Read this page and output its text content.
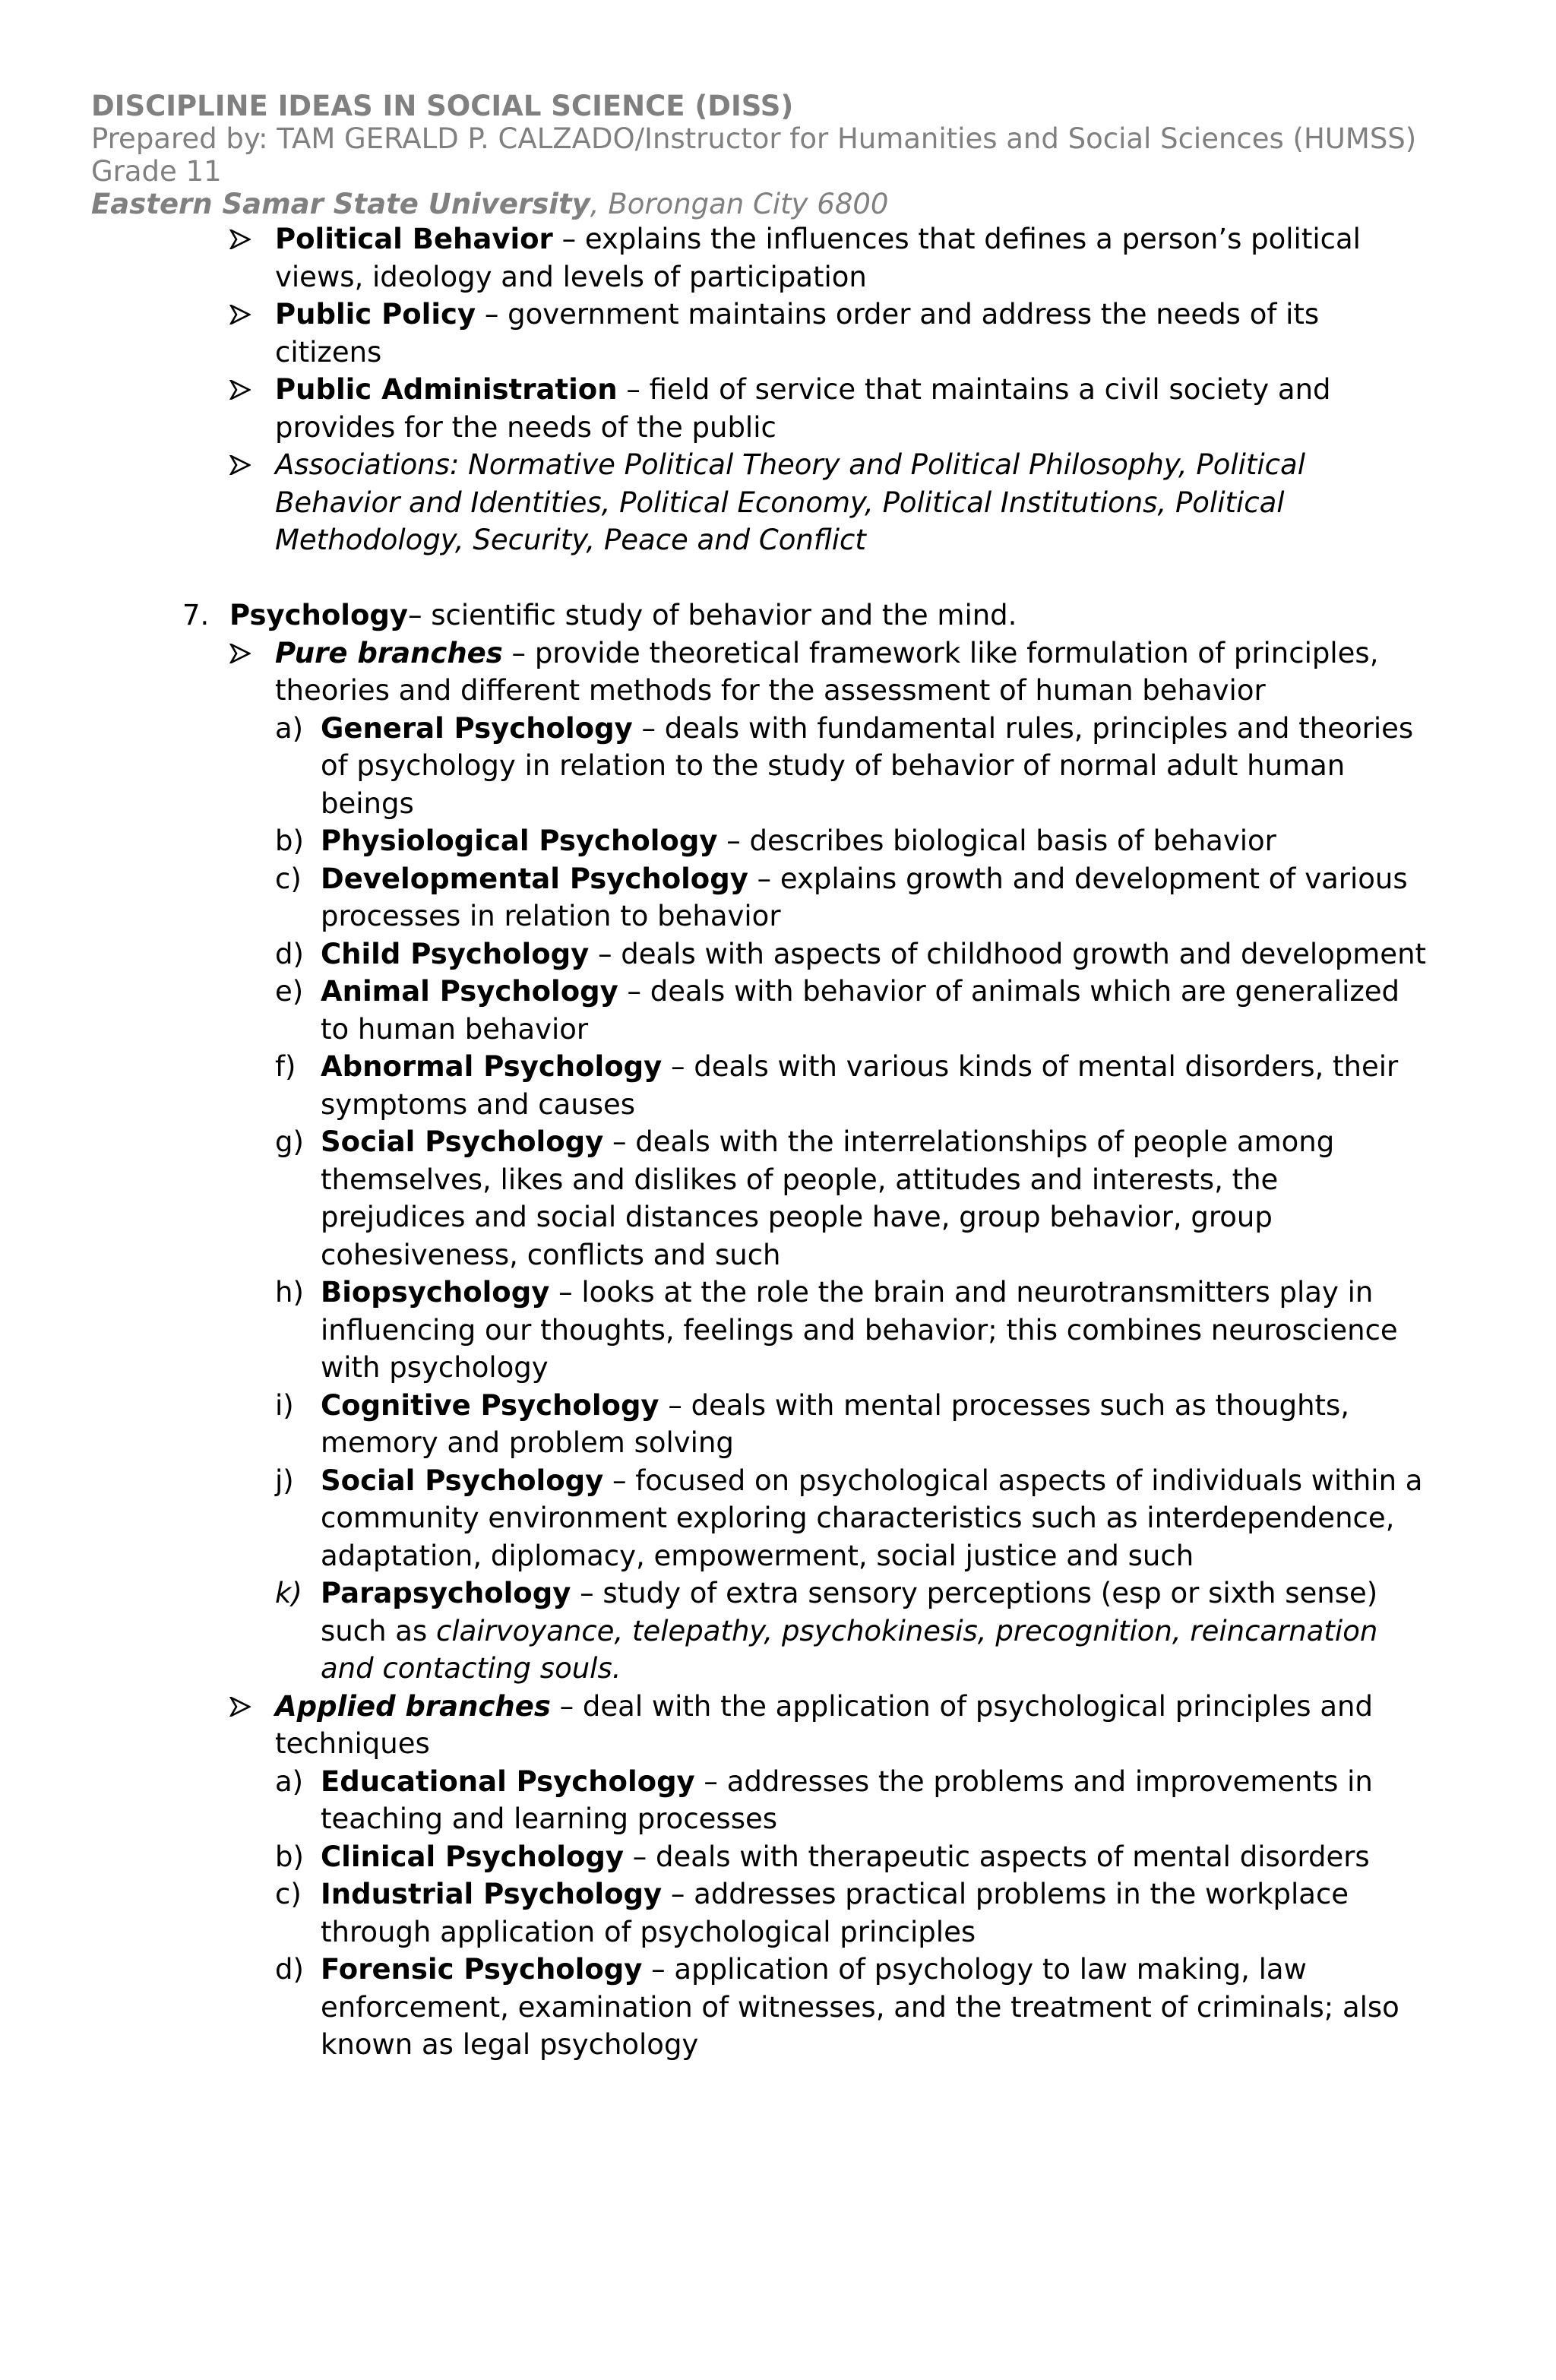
DISCIPLINE IDEAS IN SOCIAL SCIENCE (DISS)
Prepared by: TAM GERALD P. CALZADO/Instructor for Humanities and Social Sciences (HUMSS) Grade 11
Eastern Samar State University, Borongan City 6800
Political Behavior – explains the influences that defines a person’s political views, ideology and levels of participation
Public Policy – government maintains order and address the needs of its citizens
Public Administration – field of service that maintains a civil society and provides for the needs of the public
Associations: Normative Political Theory and Political Philosophy, Political Behavior and Identities, Political Economy, Political Institutions, Political Methodology, Security, Peace and Conflict
7. Psychology– scientific study of behavior and the mind.
Pure branches – provide theoretical framework like formulation of principles, theories and different methods for the assessment of human behavior
a) General Psychology – deals with fundamental rules, principles and theories of psychology in relation to the study of behavior of normal adult human beings
b) Physiological Psychology – describes biological basis of behavior
c) Developmental Psychology – explains growth and development of various processes in relation to behavior
d) Child Psychology – deals with aspects of childhood growth and development
e) Animal Psychology – deals with behavior of animals which are generalized to human behavior
f) Abnormal Psychology – deals with various kinds of mental disorders, their symptoms and causes
g) Social Psychology – deals with the interrelationships of people among themselves, likes and dislikes of people, attitudes and interests, the prejudices and social distances people have, group behavior, group cohesiveness, conflicts and such
h) Biopsychology – looks at the role the brain and neurotransmitters play in influencing our thoughts, feelings and behavior; this combines neuroscience with psychology
i) Cognitive Psychology – deals with mental processes such as thoughts, memory and problem solving
j) Social Psychology – focused on psychological aspects of individuals within a community environment exploring characteristics such as interdependence, adaptation, diplomacy, empowerment, social justice and such
k) Parapsychology – study of extra sensory perceptions (esp or sixth sense) such as clairvoyance, telepathy, psychokinesis, precognition, reincarnation and contacting souls.
Applied branches – deal with the application of psychological principles and techniques
a) Educational Psychology – addresses the problems and improvements in teaching and learning processes
b) Clinical Psychology – deals with therapeutic aspects of mental disorders
c) Industrial Psychology – addresses practical problems in the workplace through application of psychological principles
d) Forensic Psychology – application of psychology to law making, law enforcement, examination of witnesses, and the treatment of criminals; also known as legal psychology
